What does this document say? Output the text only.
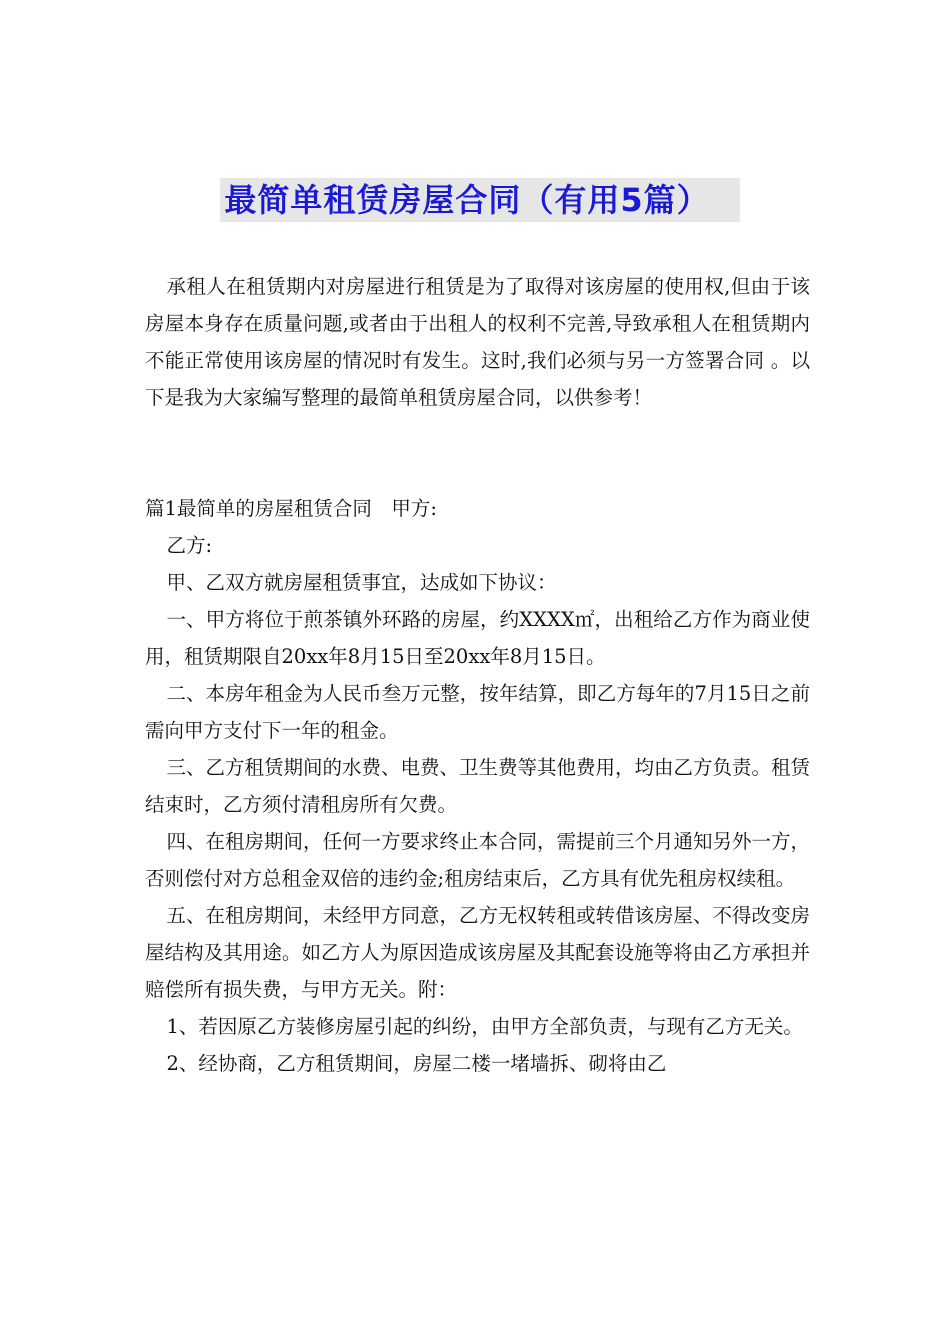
最简单租赁房屋合同（有用5篇）

承租人在租赁期内对房屋进行租赁是为了取得对该房屋的使用权,但由于该房屋本身存在质量问题,或者由于出租人的权利不完善,导致承租人在租赁期内不能正常使用该房屋的情况时有发生。这时,我们必须与另一方签署合同 。以下是我为大家编写整理的最简单租赁房屋合同，以供参考！

篇1最简单的房屋租赁合同　甲方:

乙方:

甲、乙双方就房屋租赁事宜，达成如下协议：

一、甲方将位于煎茶镇外环路的房屋，约XXXX㎡，出租给乙方作为商业使用，租赁期限自20xx年8月15日至20xx年8月15日。

二、本房年租金为人民币叁万元整，按年结算，即乙方每年的7月15日之前需向甲方支付下一年的租金。

三、乙方租赁期间的水费、电费、卫生费等其他费用，均由乙方负责。租赁结束时，乙方须付清租房所有欠费。

四、在租房期间，任何一方要求终止本合同，需提前三个月通知另外一方，否则偿付对方总租金双倍的违约金;租房结束后，乙方具有优先租房权续租。

五、在租房期间，未经甲方同意，乙方无权转租或转借该房屋、不得改变房屋结构及其用途。如乙方人为原因造成该房屋及其配套设施等将由乙方承担并赔偿所有损失费，与甲方无关。附：

1、若因原乙方装修房屋引起的纠纷，由甲方全部负责，与现有乙方无关。

2、经协商，乙方租赁期间，房屋二楼一堵墙拆、砌将由乙
